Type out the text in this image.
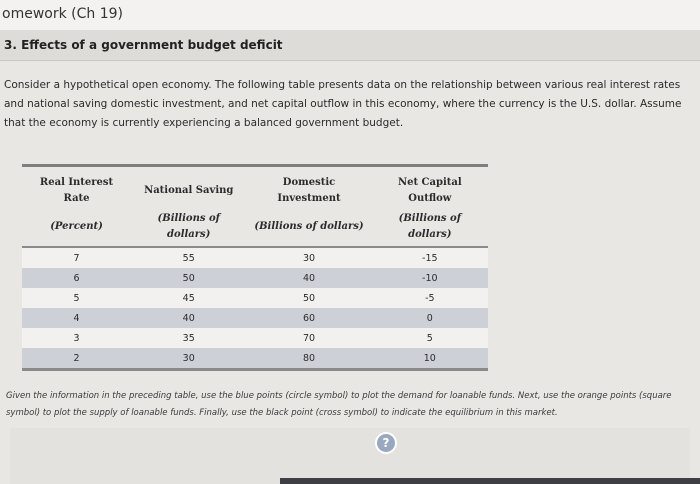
omework (Ch 19)
3. Effects of a government budget deficit
Consider a hypothetical open economy. The following table presents data on the relationship between various real interest rates and national saving domestic investment, and net capital outflow in this economy, where the currency is the U.S. dollar. Assume that the economy is currently experiencing a balanced government budget.
Real Interest Rate	National Saving	Domestic Investment	Net Capital Outflow
(Percent)	(Billions of dollars)	(Billions of dollars)	(Billions of dollars)
7	55	30	-15
6	50	40	-10
5	45	50	-5
4	40	60	0
3	35	70	5
2	30	80	10
Given the information in the preceding table, use the blue points (circle symbol) to plot the demand for loanable funds. Next, use the orange points (square symbol) to plot the supply of loanable funds. Finally, use the black point (cross symbol) to indicate the equilibrium in this market.
?
